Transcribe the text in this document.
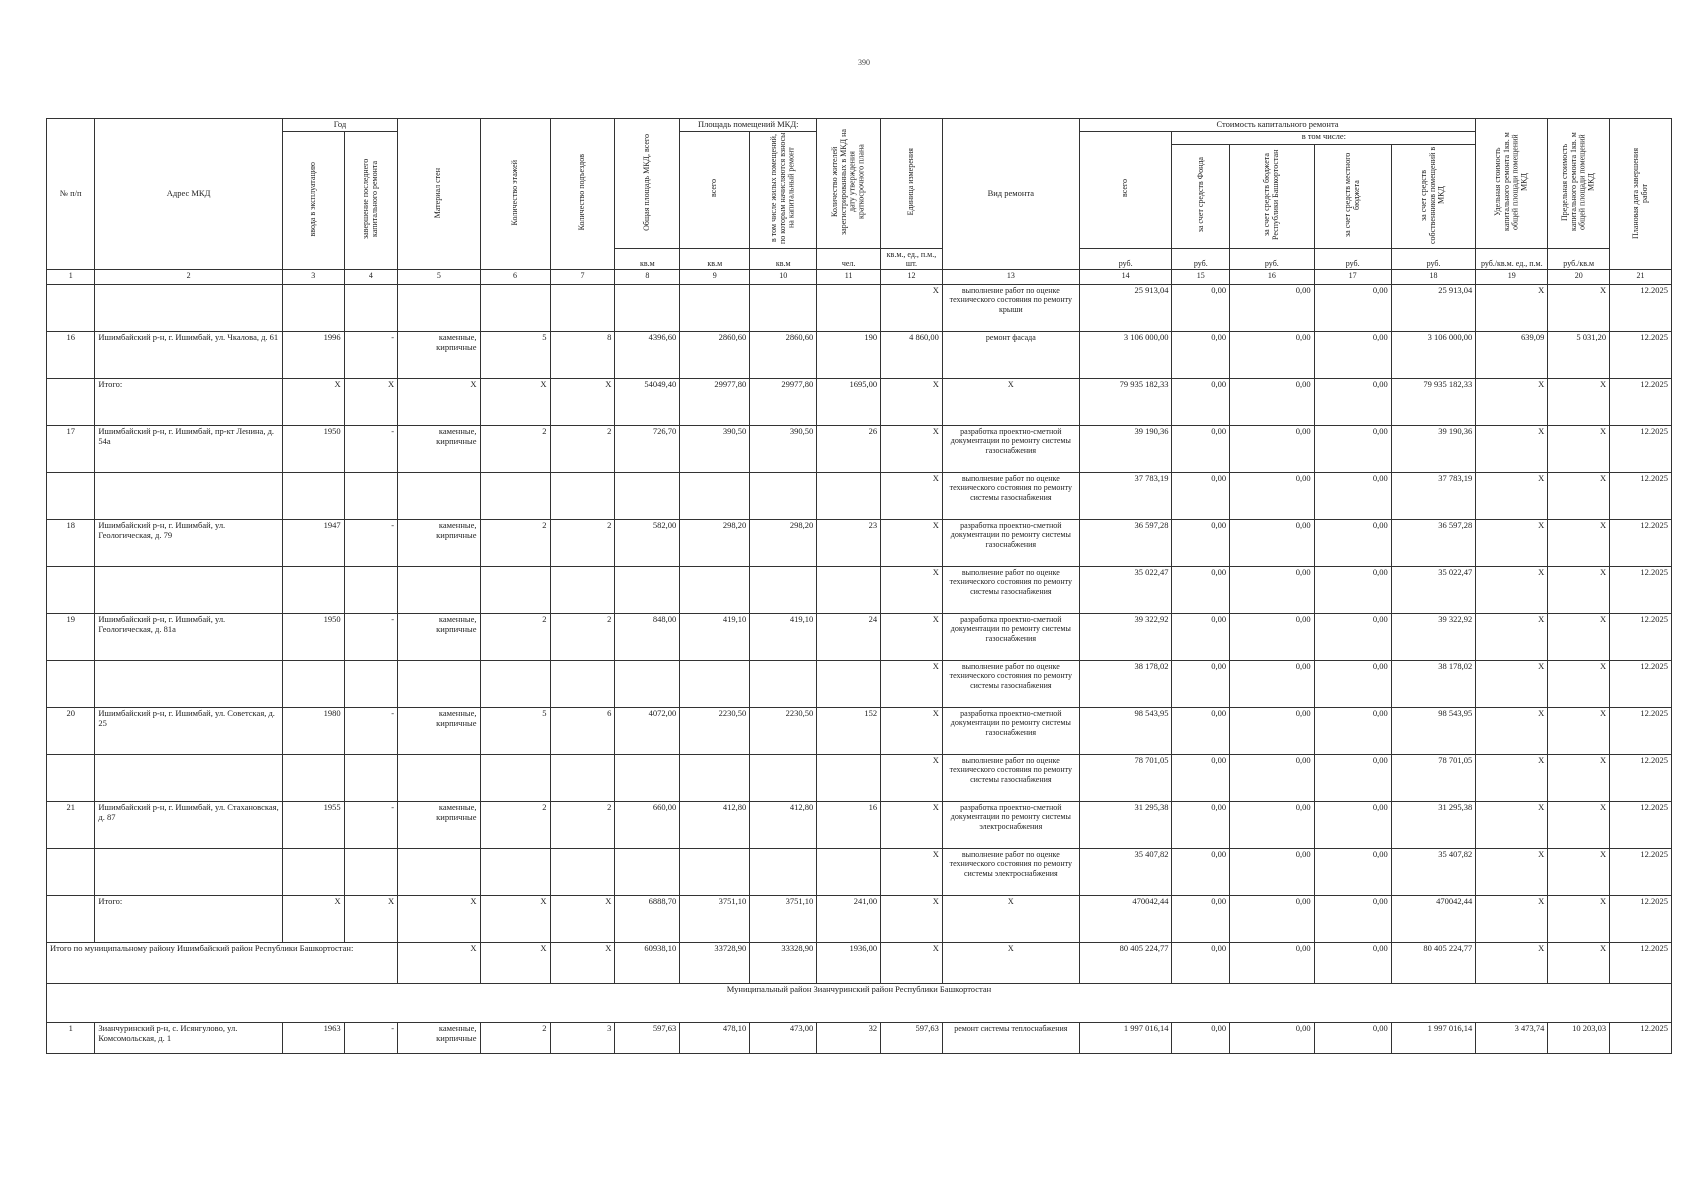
390
№ п/п	Адрес МКД	Год	Материал стен	Количество этажей	Количество подъездов	Общая площадь МКД, всего	Площадь помещений МКД:	Количество жителей зарегистрированных в МКД на дату утверждения краткосрочного плана	Единица измерения	Вид ремонта	Стоимость капитального ремонта	Удельная стоимость капитального ремонта 1кв. м общей площади помещений МКД	Предельная стоимость капитального ремонта 1кв. м общей площади помещений МКД	Плановая дата завершения работ
ввода в эксплуатацию	завершение последнего капитального ремонта	всего	в том числе жилых помещений, по которым начисляются взносы на капитальный ремонт	всего	
в том числе:
за счет средств Фонда	за счет средств бюджета Республики Башкортостан	за счет средств местного бюджета	за счет средств собственников помещений в МКД

кв.м	кв.м	кв.м	чел.	кв.м., ед., п.м., шт.	руб.	руб.	руб.	руб.	руб.	руб./кв.м. ед., п.м.	руб./кв.м
1	2	3	4	5	6	7	8	9	10	11	12	13	14	15	16	17	18	19	20	21
											X	выполнение работ по оценке технического состояния по ремонту крыши	25 913,04	0,00	0,00	0,00	25 913,04	X	X	12.2025
16	Ишимбайский р-н, г. Ишимбай, ул. Чкалова, д. 61	1996	-	каменные, кирпичные	5	8	4396,60	2860,60	2860,60	190	4 860,00	ремонт фасада	3 106 000,00	0,00	0,00	0,00	3 106 000,00	639,09	5 031,20	12.2025
	Итого:	X	X	X	X	X	54049,40	29977,80	29977,80	1695,00	X	X	79 935 182,33	0,00	0,00	0,00	79 935 182,33	X	X	12.2025
17	Ишимбайский р-н, г. Ишимбай, пр-кт Ленина, д. 54а	1950	-	каменные, кирпичные	2	2	726,70	390,50	390,50	26	X	разработка проектно-сметной документации по ремонту системы газоснабжения	39 190,36	0,00	0,00	0,00	39 190,36	X	X	12.2025
											X	выполнение работ по оценке технического состояния по ремонту системы газоснабжения	37 783,19	0,00	0,00	0,00	37 783,19	X	X	12.2025
18	Ишимбайский р-н, г. Ишимбай, ул. Геологическая, д. 79	1947	-	каменные, кирпичные	2	2	582,00	298,20	298,20	23	X	разработка проектно-сметной документации по ремонту системы газоснабжения	36 597,28	0,00	0,00	0,00	36 597,28	X	X	12.2025
											X	выполнение работ по оценке технического состояния по ремонту системы газоснабжения	35 022,47	0,00	0,00	0,00	35 022,47	X	X	12.2025
19	Ишимбайский р-н, г. Ишимбай, ул. Геологическая, д. 81а	1950	-	каменные, кирпичные	2	2	848,00	419,10	419,10	24	X	разработка проектно-сметной документации по ремонту системы газоснабжения	39 322,92	0,00	0,00	0,00	39 322,92	X	X	12.2025
											X	выполнение работ по оценке технического состояния по ремонту системы газоснабжения	38 178,02	0,00	0,00	0,00	38 178,02	X	X	12.2025
20	Ишимбайский р-н, г. Ишимбай, ул. Советская, д. 25	1980	-	каменные, кирпичные	5	6	4072,00	2230,50	2230,50	152	X	разработка проектно-сметной документации по ремонту системы газоснабжения	98 543,95	0,00	0,00	0,00	98 543,95	X	X	12.2025
											X	выполнение работ по оценке технического состояния по ремонту системы газоснабжения	78 701,05	0,00	0,00	0,00	78 701,05	X	X	12.2025
21	Ишимбайский р-н, г. Ишимбай, ул. Стахановская, д. 87	1955	-	каменные, кирпичные	2	2	660,00	412,80	412,80	16	X	разработка проектно-сметной документации по ремонту системы электроснабжения	31 295,38	0,00	0,00	0,00	31 295,38	X	X	12.2025
											X	выполнение работ по оценке технического состояния по ремонту системы электроснабжения	35 407,82	0,00	0,00	0,00	35 407,82	X	X	12.2025
	Итого:	X	X	X	X	X	6888,70	3751,10	3751,10	241,00	X	X	470042,44	0,00	0,00	0,00	470042,44	X	X	12.2025
Итого по муниципальному району Ишимбайский район Республики Башкортостан:	X	X	X	60938,10	33728,90	33328,90	1936,00	X	X	80 405 224,77	0,00	0,00	0,00	80 405 224,77	X	X	12.2025
Муниципальный район Зианчуринский район Республики Башкортостан
1	Зианчуринский р-н, с. Исянгулово, ул. Комсомольская, д. 1	1963	-	каменные, кирпичные	2	3	597,63	478,10	473,00	32	597,63	ремонт системы теплоснабжения	1 997 016,14	0,00	0,00	0,00	1 997 016,14	3 473,74	10 203,03	12.2025
